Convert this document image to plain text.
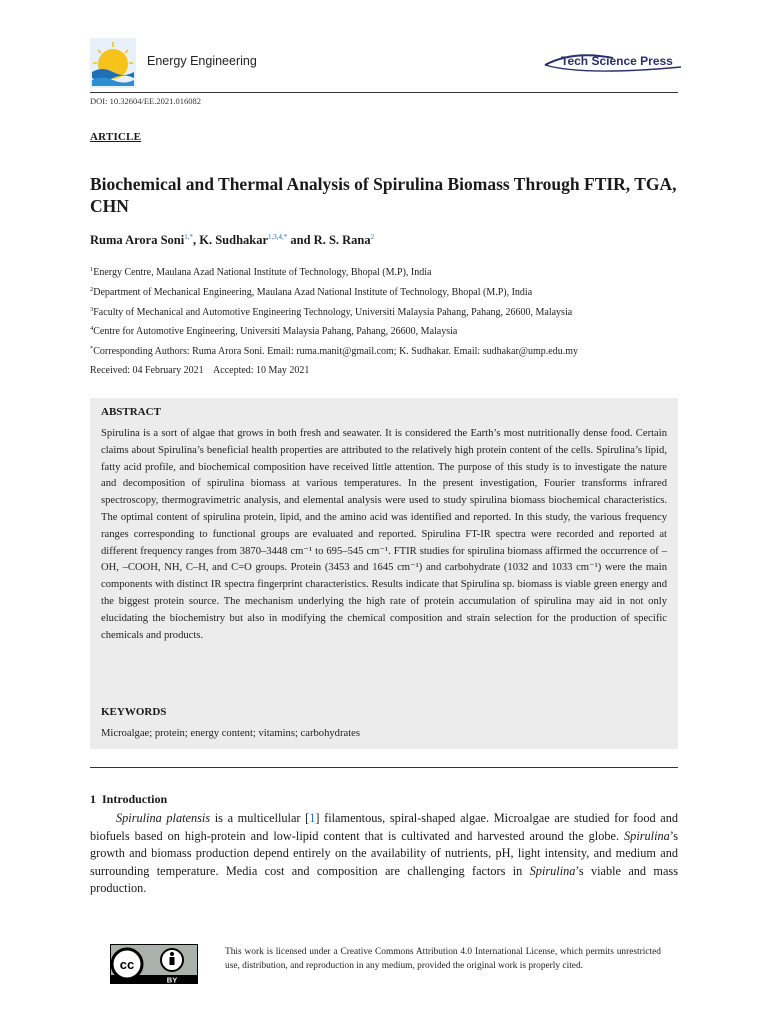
Energy Engineering	Tech Science Press
DOI: 10.32604/EE.2021.016082
ARTICLE
Biochemical and Thermal Analysis of Spirulina Biomass Through FTIR, TGA, CHN
Ruma Arora Soni$^{1,*}$, K. Sudhakar$^{1,3,4,*}$ and R. S. Rana$^2$
$^1$Energy Centre, Maulana Azad National Institute of Technology, Bhopal (M.P), India
$^2$Department of Mechanical Engineering, Maulana Azad National Institute of Technology, Bhopal (M.P), India
$^3$Faculty of Mechanical and Automotive Engineering Technology, Universiti Malaysia Pahang, Pahang, 26600, Malaysia
$^4$Centre for Automotive Engineering, Universiti Malaysia Pahang, Pahang, 26600, Malaysia
*Corresponding Authors: Ruma Arora Soni. Email: ruma.manit@gmail.com; K. Sudhakar. Email: sudhakar@ump.edu.my
Received: 04 February 2021    Accepted: 10 May 2021
ABSTRACT
Spirulina is a sort of algae that grows in both fresh and seawater. It is considered the Earth’s most nutritionally dense food. Certain claims about Spirulina’s beneficial health properties are attributed to the relatively high protein content of the cells. Spirulina’s lipid, fatty acid profile, and biochemical composition have received little attention. The purpose of this study is to investigate the nature and decomposition of spirulina biomass at various temperatures. In the present investigation, Fourier transforms infrared spectroscopy, thermogravimetric analysis, and elemental analysis were used to study spirulina biomass biochemical characteristics. The optimal content of spirulina protein, lipid, and the amino acid was identified and reported. In this study, the various frequency ranges corresponding to functional groups are evaluated and reported. Spirulina FT-IR spectra were recorded and reported at different frequency ranges from 3870–3448 cm⁻¹ to 695–545 cm⁻¹. FTIR studies for spirulina biomass affirmed the occurrence of –OH, –COOH, NH, C–H, and C=O groups. Protein (3453 and 1645 cm⁻¹) and carbohydrate (1032 and 1033 cm⁻¹) were the main components with distinct IR spectra fingerprint characteristics. Results indicate that Spirulina sp. biomass is viable green energy and the biggest protein source. The mechanism underlying the high rate of protein accumulation of spirulina may aid in not only elucidating the biochemistry but also in modifying the chemical composition and strain selection for the production of specific chemicals and products.
KEYWORDS
Microalgae; protein; energy content; vitamins; carbohydrates
1 Introduction
Spirulina platensis is a multicellular [1] filamentous, spiral-shaped algae. Microalgae are studied for food and biofuels based on high-protein and low-lipid content that is cultivated and harvested around the globe. Spirulina’s growth and biomass production depend entirely on the availability of nutrients, pH, light intensity, and medium and surrounding temperature. Media cost and composition are challenging factors in Spirulina’s viable and mass production.
cc
BY
This work is licensed under a Creative Commons Attribution 4.0 International License, which permits unrestricted use, distribution, and reproduction in any medium, provided the original work is properly cited.
